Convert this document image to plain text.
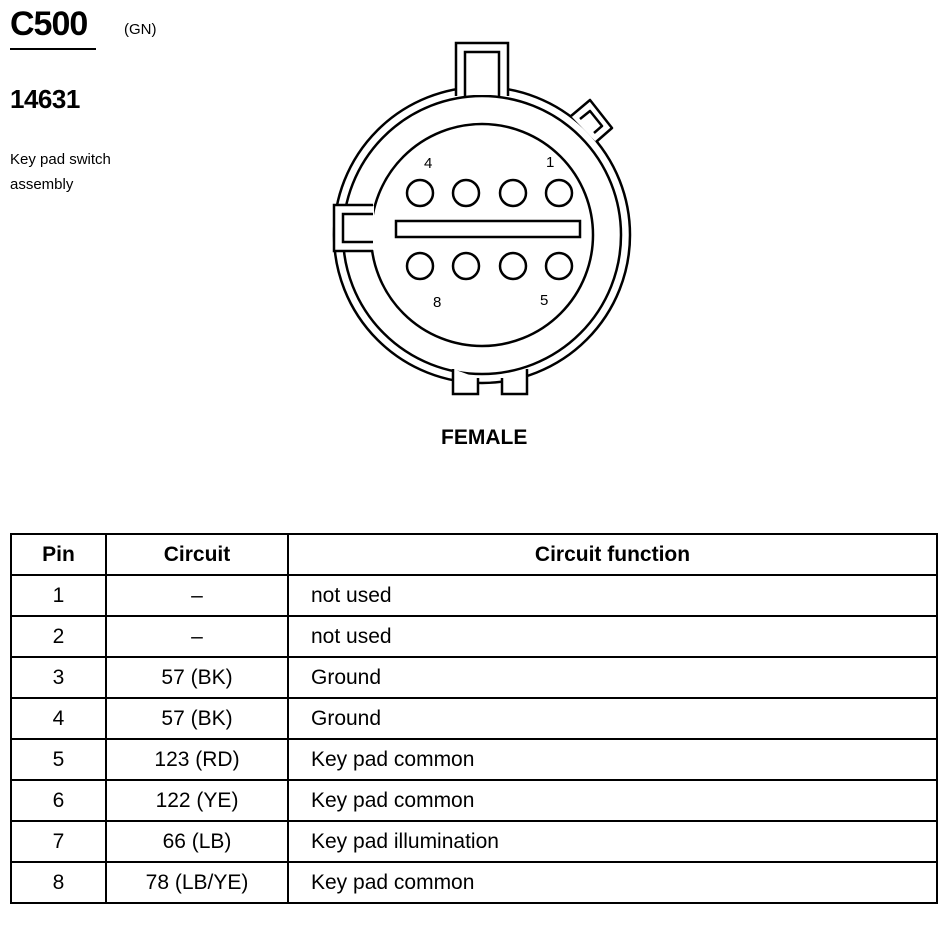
C500 (GN)
14631
Key pad switch assembly
4	1
8	5
FEMALE
Pin	Circuit	Circuit function
1	–	not used
2	–	not used
3	57 (BK)	Ground
4	57 (BK)	Ground
5	123 (RD)	Key pad common
6	122 (YE)	Key pad common
7	66 (LB)	Key pad illumination
8	78 (LB/YE)	Key pad common
